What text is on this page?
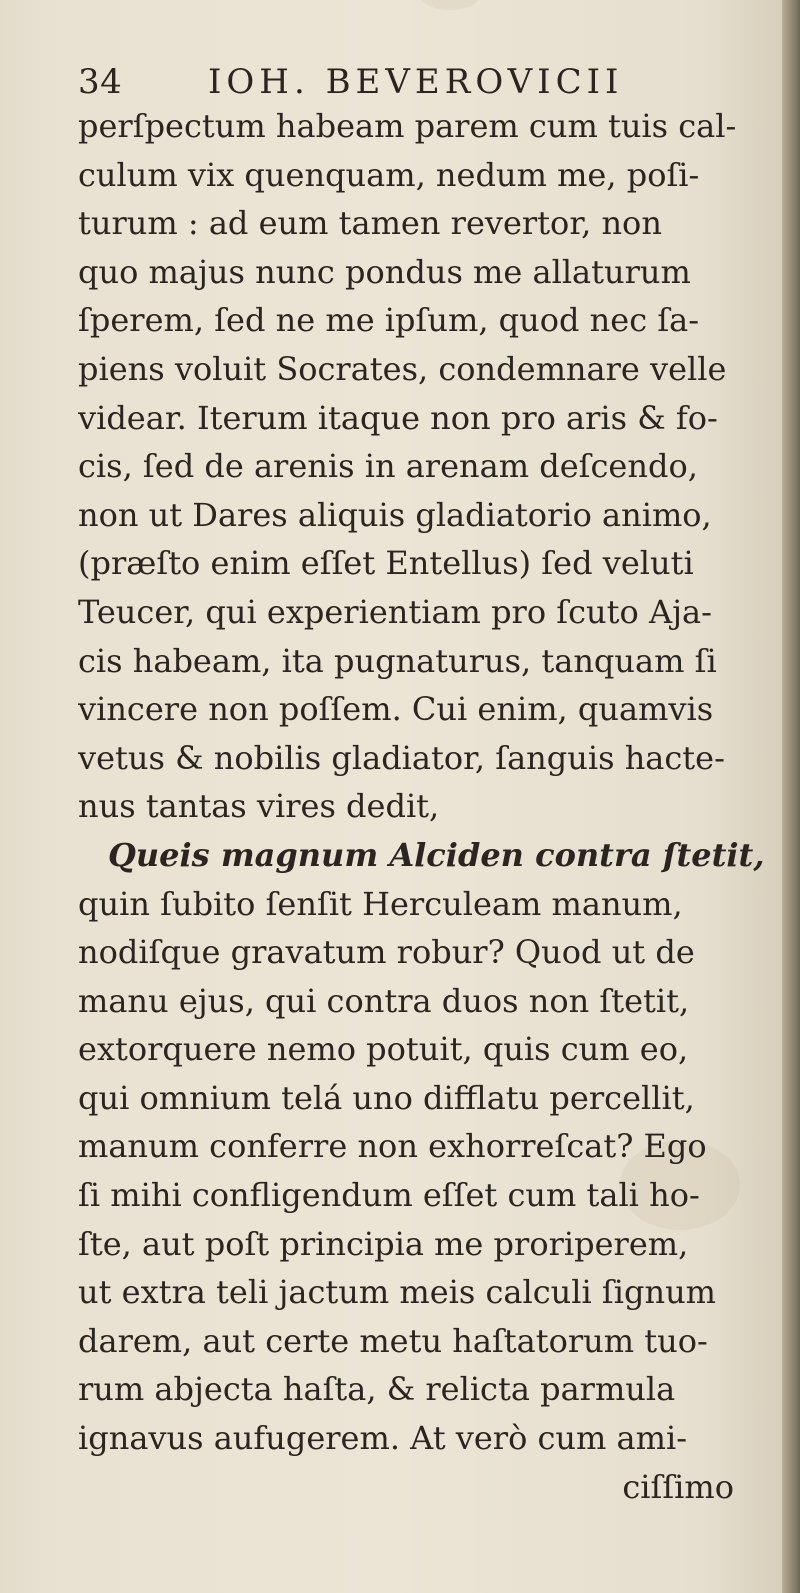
34	IOH. BEVEROVICII
perſpectum habeam parem cum tuis cal-
culum vix quenquam, nedum me, poſi-
turum : ad eum tamen revertor, non
quo majus nunc pondus me allaturum
ſperem, ſed ne me ipſum, quod nec ſa-
piens voluit Socrates, condemnare velle
videar. Iterum itaque non pro aris & fo-
cis, ſed de arenis in arenam deſcendo,
non ut Dares aliquis gladiatorio animo,
(præſto enim eſſet Entellus) ſed veluti
Teucer, qui experientiam pro ſcuto Aja-
cis habeam, ita pugnaturus, tanquam ſi
vincere non poſſem. Cui enim, quamvis
vetus & nobilis gladiator, ſanguis hacte-
nus tantas vires dedit,
Queis magnum Alciden contra ſtetit,
quin ſubito ſenſit Herculeam manum,
nodiſque gravatum robur? Quod ut de
manu ejus, qui contra duos non ſtetit,
extorquere nemo potuit, quis cum eo,
qui omnium telá uno difflatu percellit,
manum conferre non exhorreſcat? Ego
ſi mihi confligendum eſſet cum tali ho-
ſte, aut poſt principia me proriperem,
ut extra teli jactum meis calculi ſignum
darem, aut certe metu haſtatorum tuo-
rum abjecta haſta, & relicta parmula
ignavus aufugerem. At verò cum ami-
ciſſimo
